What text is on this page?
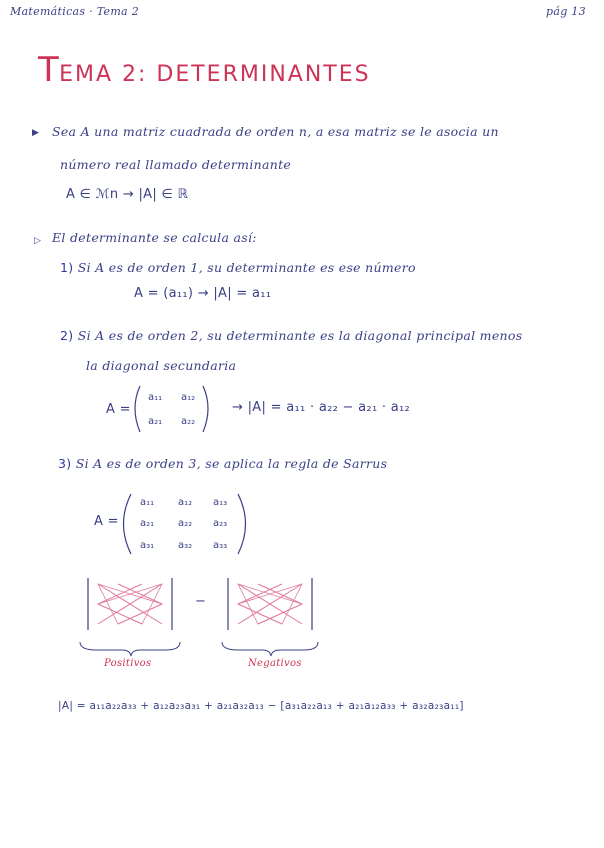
Matemáticas · Tema 2	pág 13
TEMA 2: DETERMINANTES
▶ Sea A una matriz cuadrada de orden n, a esa matriz se le asocia un
número real llamado determinante
A ∈ ℳn → |A| ∈ ℝ
▷ El determinante se calcula así:
1) Si A es de orden 1, su determinante es ese número
A = (a₁₁) → |A| = a₁₁
2) Si A es de orden 2, su determinante es la diagonal principal menos
la diagonal secundaria
A =
a₁₁ a₁₂
a₂₁ a₂₂
→ |A| = a₁₁ · a₂₂ − a₂₁ · a₁₂
3) Si A es de orden 3, se aplica la regla de Sarrus
A =
a₁₁ a₁₂ a₁₃
a₂₁ a₂₂ a₂₃
a₃₁ a₃₂ a₃₃
−
Positivos	Negativos
|A| = a₁₁a₂₂a₃₃ + a₁₂a₂₃a₃₁ + a₂₁a₃₂a₁₃ − [a₃₁a₂₂a₁₃ + a₂₁a₁₂a₃₃ + a₃₂a₂₃a₁₁]
